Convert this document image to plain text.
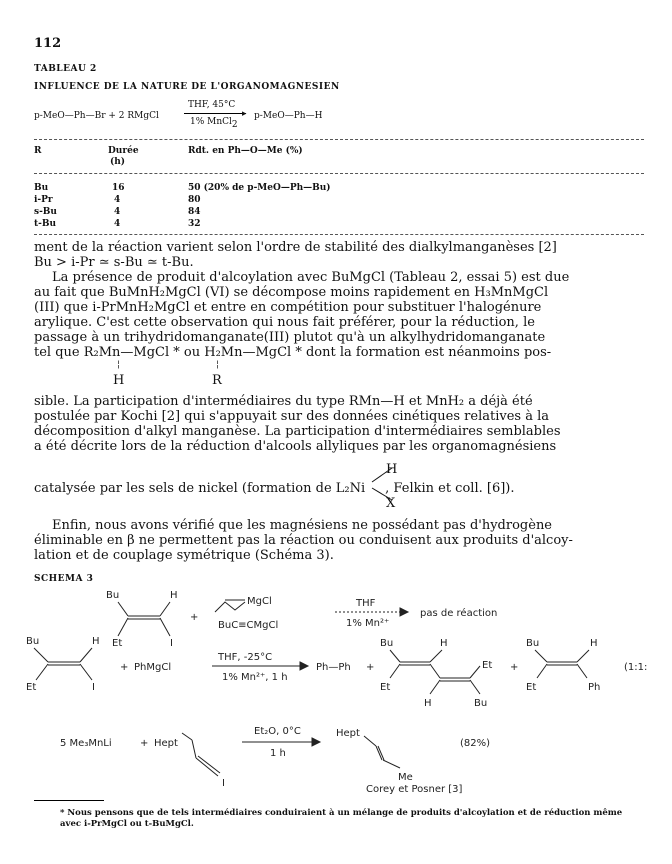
112
TABLEAU 2
INFLUENCE DE LA NATURE DE L'ORGANOMAGNESIEN
p-MeO—Ph—Br + 2 RMgCl
THF, 45°C
▸
1% MnCl2
p-MeO—Ph—H
R	Durée
(h)
Rdt. en Ph—O—Me (%)
Bu	16	50 (20% de p-MeO—Ph—Bu)
i-Pr	4	80
s-Bu	4	84
t-Bu	4	32

ment de la réaction varient selon l'ordre de stabilité des dialkylmanganèses [2]

Bu > i-Pr ≃ s-Bu ≃ t-Bu.

La présence de produit d'alcoylation avec BuMgCl (Tableau 2, essai 5) est due

au fait que BuMnH₂MgCl (VI) se décompose moins rapidement en H₃MnMgCl

(III) que i-PrMnH₂MgCl et entre en compétition pour substituer l'halogénure

arylique. C'est cette observation qui nous fait préférer, pour la réduction, le

passage à un trihydridomanganate(III) plutot qu'à un alkylhydridomanganate

tel que R₂Mn—MgCl * ou H₂Mn—MgCl * dont la formation est néanmoins pos-

¦	¦
H	R

sible. La participation d'intermédiaires du type RMn—H et MnH₂ a déjà été

postulée par Kochi [2] qui s'appuyait sur des données cinétiques relatives à la

décomposition d'alkyl manganèse. La participation d'intermédiaires semblables

a été décrite lors de la réduction d'alcools allyliques par les organomagnésiens

catalysée par les sels de nickel (formation de L₂Ni , Felkin et coll. [6]).
H
X

Enfin, nous avons vérifié que les magnésiens ne possédant pas d'hydrogène

éliminable en β ne permettent pas la réaction ou conduisent aux produits d'alcoy-

lation et de couplage symétrique (Schéma 3).

SCHEMA 3
Bu	H
Et	I
+
MgCl
BuC≡CMgCl
THF
1% Mn²⁺
pas de réaction
Bu	H
Et	I
+ PhMgCl
THF, -25°C
1% Mn²⁺, 1 h
Ph—Ph +
Bu	H
Et
Et
H	Bu
+
Bu	H
Et	Ph
(1:1:
5 Me₃MnLi	+ Hept
I
Et₂O, 0°C
1 h
Hept
Me
(82%)
Corey et Posner [3]
* Nous pensons que de tels intermédiaires conduiraient à un mélange de produits d'alcoylation et de réduction même avec i-PrMgCl ou t-BuMgCl.
